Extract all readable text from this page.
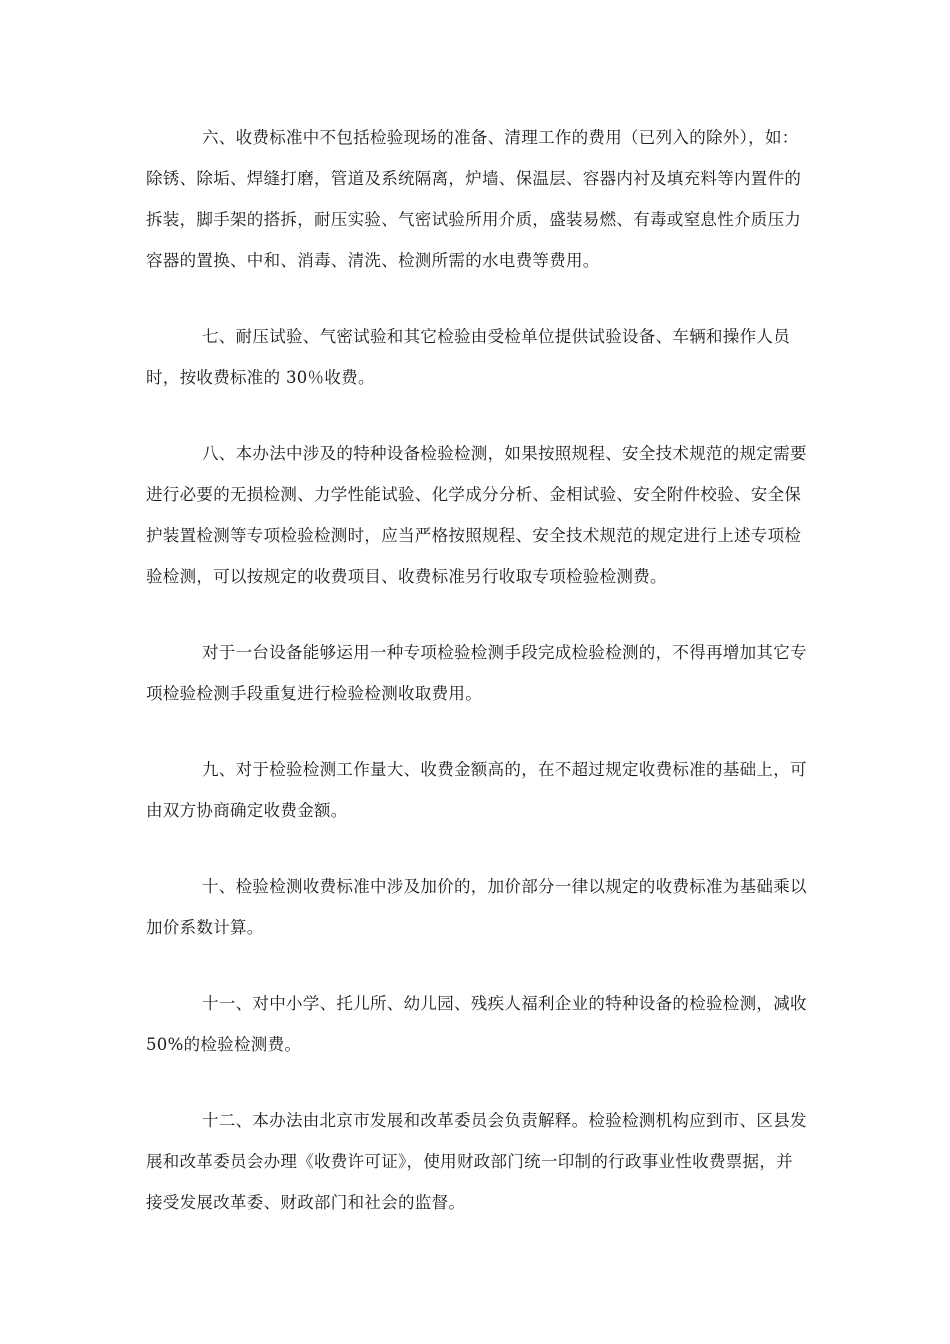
六、收费标准中不包括检验现场的准备、清理工作的费用（已列入的除外），如：
除锈、除垢、焊缝打磨，管道及系统隔离，炉墙、保温层、容器内衬及填充料等内置件的
拆装，脚手架的搭拆，耐压实验、气密试验所用介质，盛装易燃、有毒或窒息性介质压力
容器的置换、中和、消毒、清洗、检测所需的水电费等费用。

七、耐压试验、气密试验和其它检验由受检单位提供试验设备、车辆和操作人员
时，按收费标准的 30％收费。

八、本办法中涉及的特种设备检验检测，如果按照规程、安全技术规范的规定需要
进行必要的无损检测、力学性能试验、化学成分分析、金相试验、安全附件校验、安全保
护装置检测等专项检验检测时，应当严格按照规程、安全技术规范的规定进行上述专项检
验检测，可以按规定的收费项目、收费标准另行收取专项检验检测费。

对于一台设备能够运用一种专项检验检测手段完成检验检测的，不得再增加其它专
项检验检测手段重复进行检验检测收取费用。

九、对于检验检测工作量大、收费金额高的，在不超过规定收费标准的基础上，可
由双方协商确定收费金额。

十、检验检测收费标准中涉及加价的，加价部分一律以规定的收费标准为基础乘以
加价系数计算。

十一、对中小学、托儿所、幼儿园、残疾人福利企业的特种设备的检验检测，减收
50%的检验检测费。

十二、本办法由北京市发展和改革委员会负责解释。检验检测机构应到市、区县发
展和改革委员会办理《收费许可证》，使用财政部门统一印制的行政事业性收费票据，并
接受发展改革委、财政部门和社会的监督。
